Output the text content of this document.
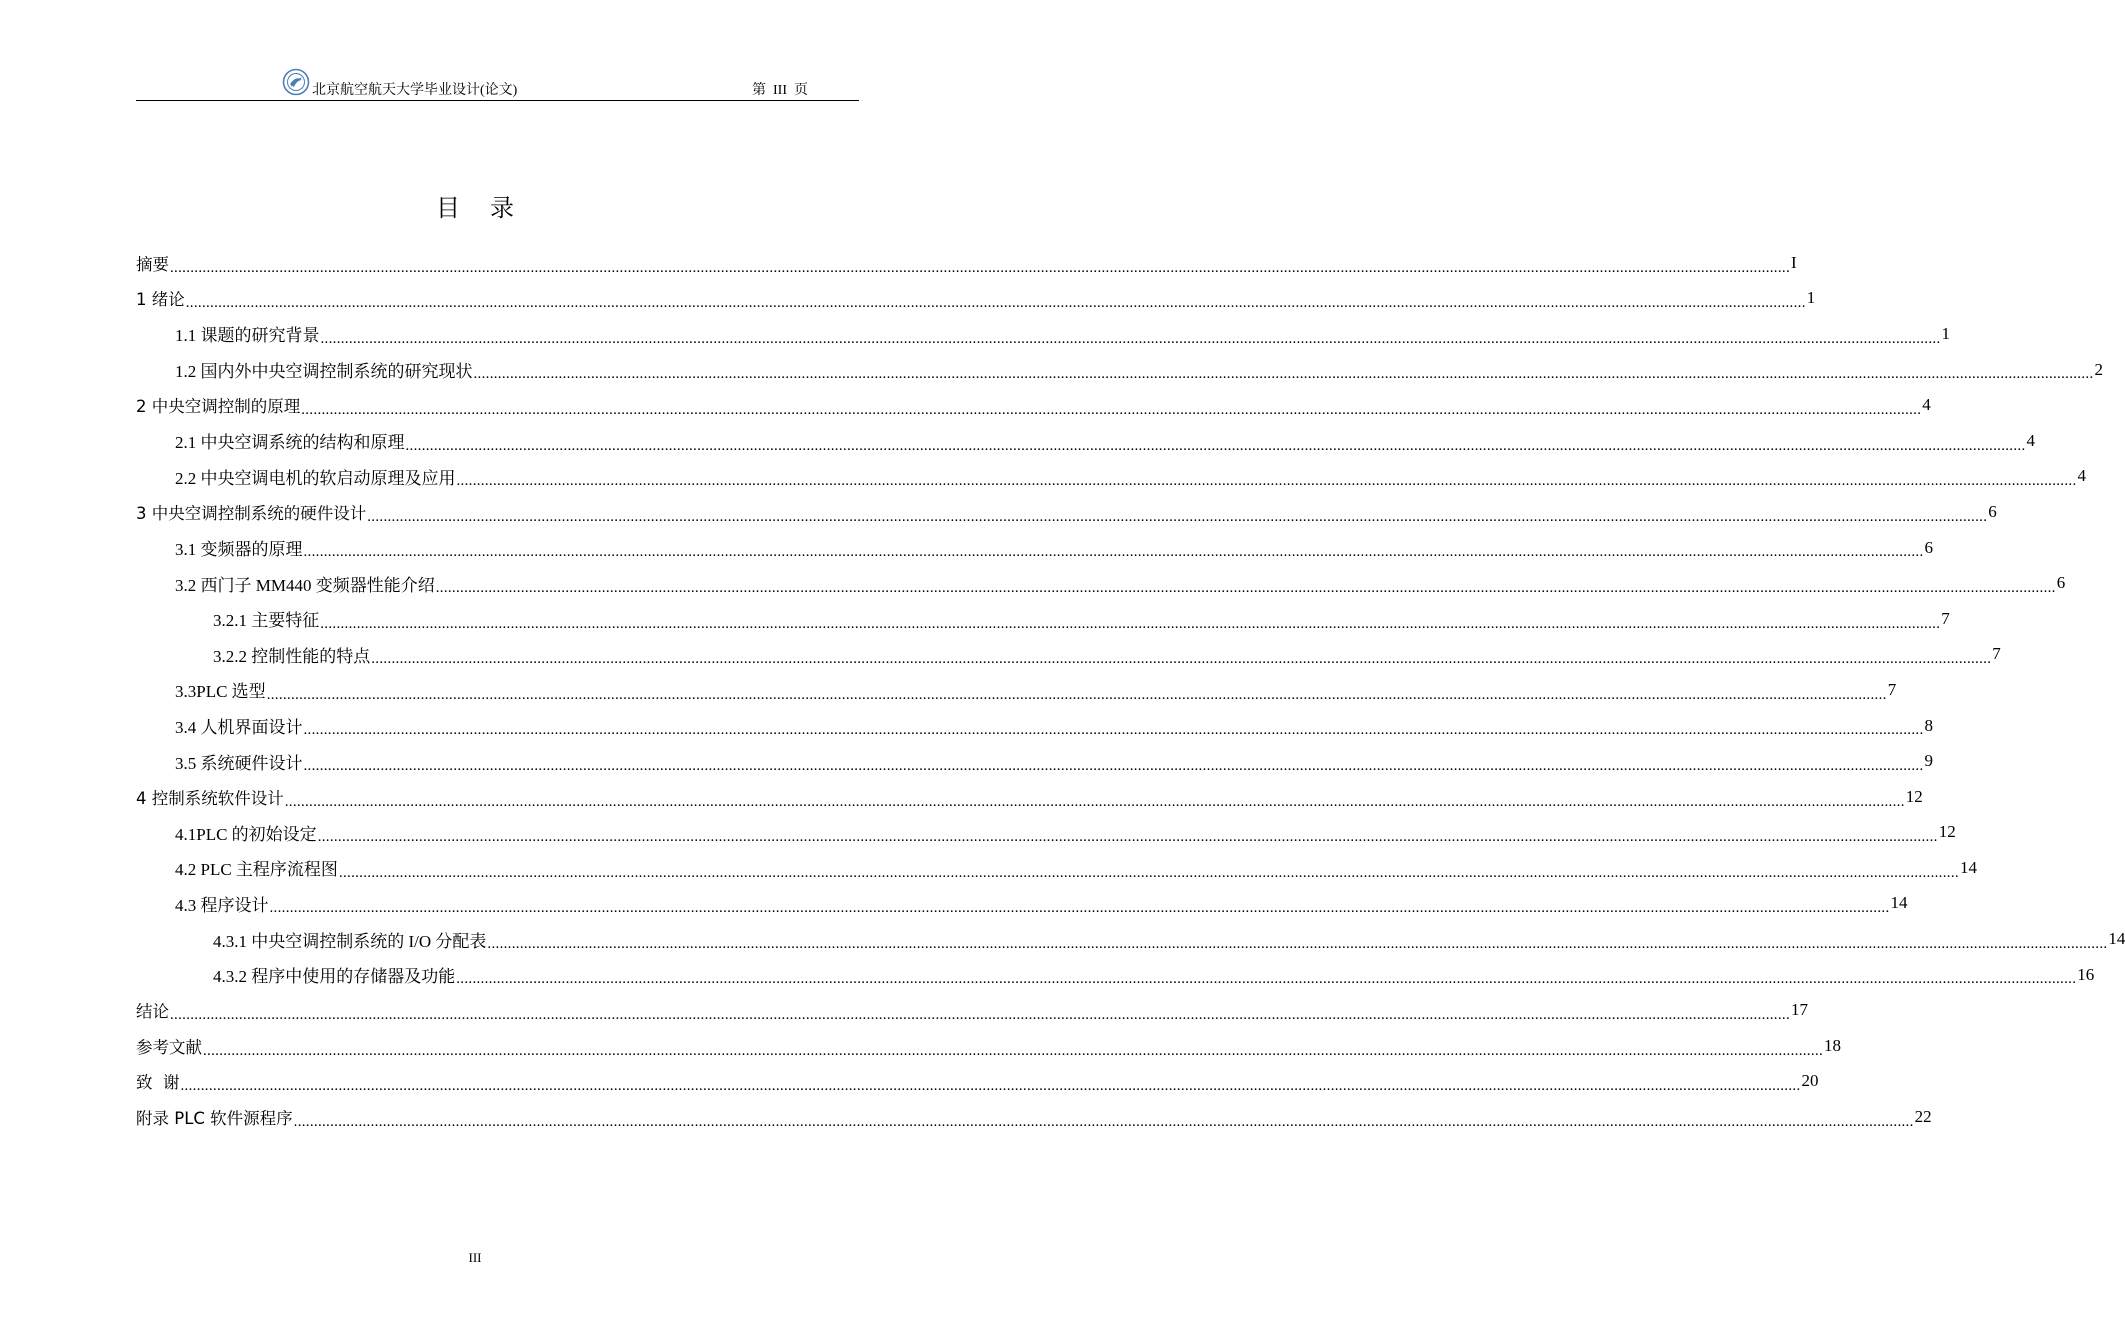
北京航空航天大学毕业设计(论文)	第  III  页
目 录
摘要 ................................................................................................................................................................................................................................................................................................................................................................................................................ I
1 绪论 ................................................................................................................................................................................................................................................................................................................................................................................................................ 1
1.1 课题的研究背景 ................................................................................................................................................................................................................................................................................................................................................................................................................ 1
1.2 国内外中央空调控制系统的研究现状 ................................................................................................................................................................................................................................................................................................................................................................................................................ 2
2 中央空调控制的原理 ................................................................................................................................................................................................................................................................................................................................................................................................................ 4
2.1 中央空调系统的结构和原理 ................................................................................................................................................................................................................................................................................................................................................................................................................ 4
2.2 中央空调电机的软启动原理及应用 ................................................................................................................................................................................................................................................................................................................................................................................................................ 4
3 中央空调控制系统的硬件设计 ................................................................................................................................................................................................................................................................................................................................................................................................................ 6
3.1 变频器的原理 ................................................................................................................................................................................................................................................................................................................................................................................................................ 6
3.2 西门子 MM440 变频器性能介绍 ................................................................................................................................................................................................................................................................................................................................................................................................................ 6
3.2.1 主要特征 ................................................................................................................................................................................................................................................................................................................................................................................................................ 7
3.2.2 控制性能的特点 ................................................................................................................................................................................................................................................................................................................................................................................................................ 7
3.3PLC 选型 ................................................................................................................................................................................................................................................................................................................................................................................................................ 7
3.4 人机界面设计 ................................................................................................................................................................................................................................................................................................................................................................................................................ 8
3.5 系统硬件设计 ................................................................................................................................................................................................................................................................................................................................................................................................................ 9
4 控制系统软件设计 ................................................................................................................................................................................................................................................................................................................................................................................................................ 12
4.1PLC 的初始设定 ................................................................................................................................................................................................................................................................................................................................................................................................................ 12
4.2 PLC 主程序流程图 ................................................................................................................................................................................................................................................................................................................................................................................................................ 14
4.3 程序设计 ................................................................................................................................................................................................................................................................................................................................................................................................................ 14
4.3.1 中央空调控制系统的 I/O 分配表 ................................................................................................................................................................................................................................................................................................................................................................................................................ 14
4.3.2 程序中使用的存储器及功能 ................................................................................................................................................................................................................................................................................................................................................................................................................ 16
结论 ................................................................................................................................................................................................................................................................................................................................................................................................................ 17
参考文献 ................................................................................................................................................................................................................................................................................................................................................................................................................ 18
致  谢 ................................................................................................................................................................................................................................................................................................................................................................................................................ 20
附录 PLC 软件源程序 ................................................................................................................................................................................................................................................................................................................................................................................................................ 22
III
